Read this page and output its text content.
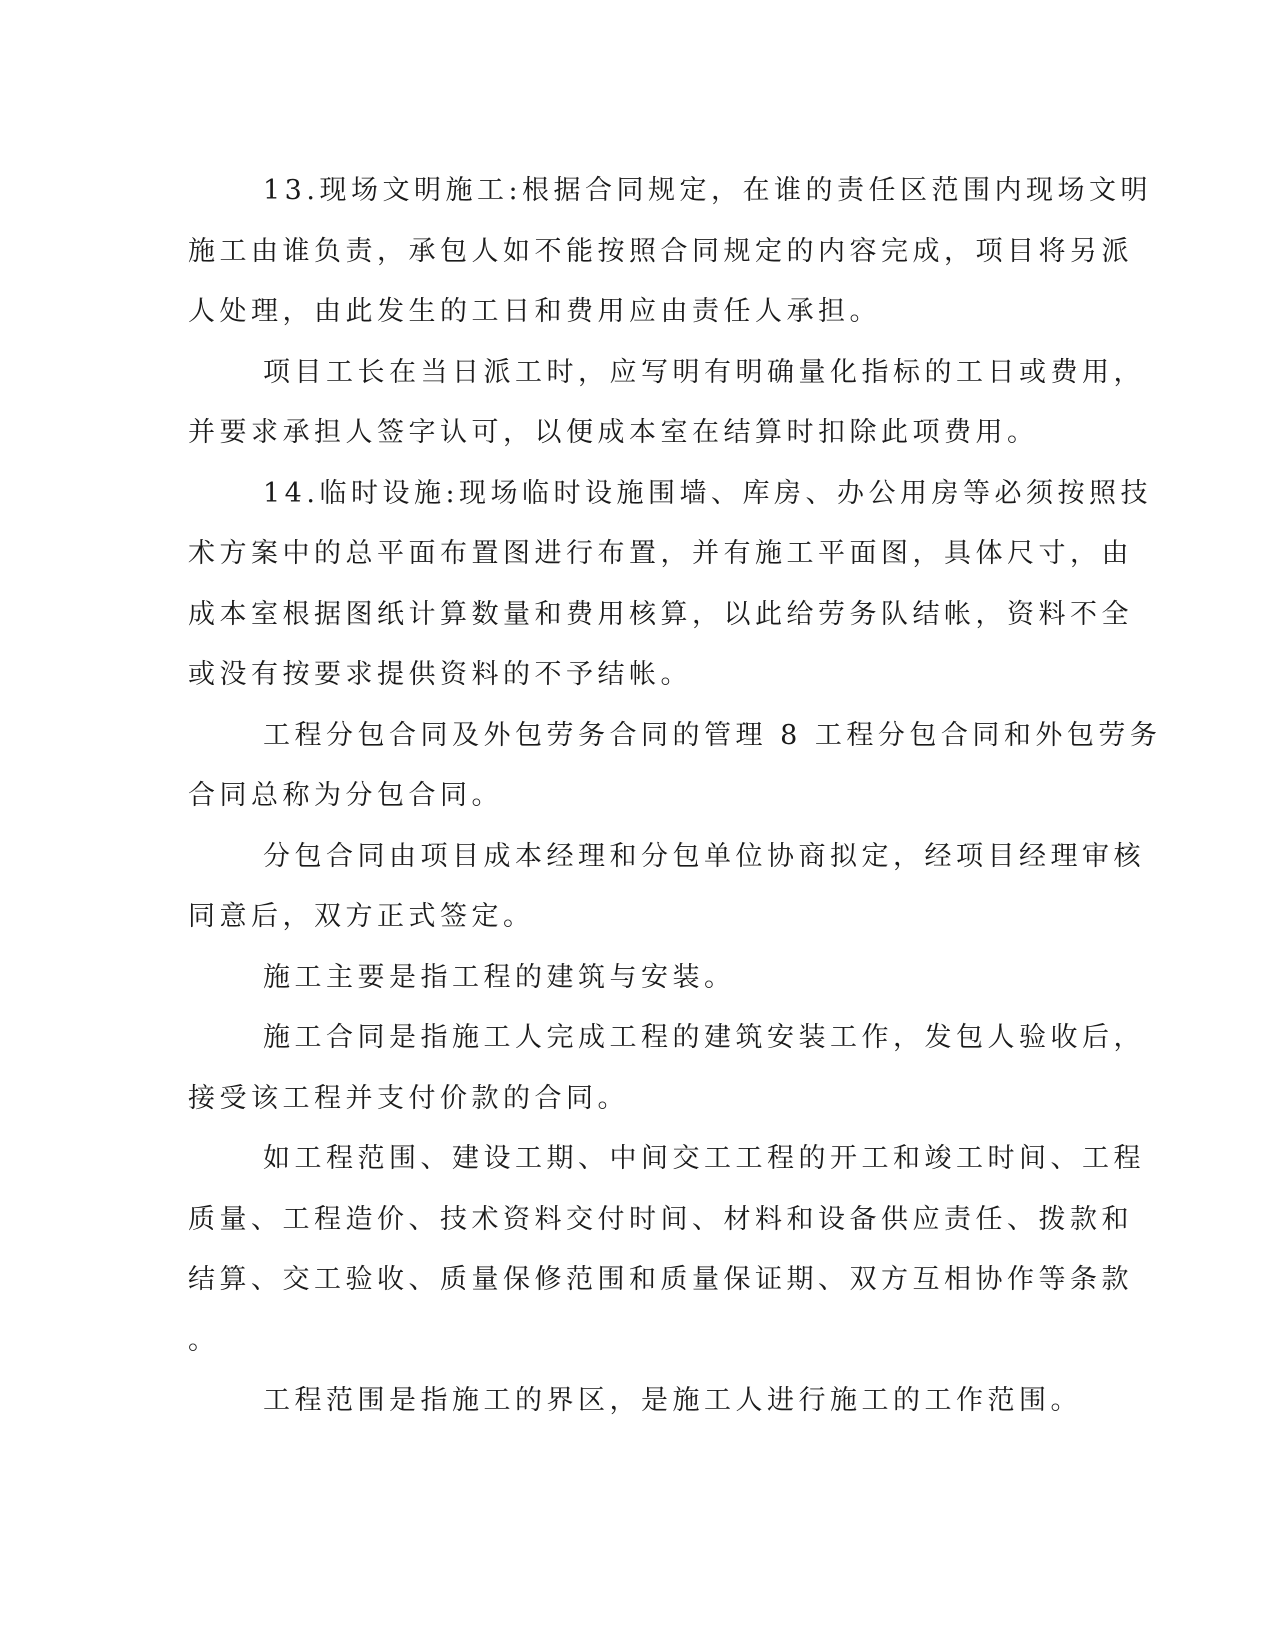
13.现场文明施工:根据合同规定，在谁的责任区范围内现场文明
施工由谁负责，承包人如不能按照合同规定的内容完成，项目将另派
人处理，由此发生的工日和费用应由责任人承担。

项目工长在当日派工时，应写明有明确量化指标的工日或费用，
并要求承担人签字认可，以便成本室在结算时扣除此项费用。

14.临时设施:现场临时设施围墙、库房、办公用房等必须按照技
术方案中的总平面布置图进行布置，并有施工平面图，具体尺寸，由
成本室根据图纸计算数量和费用核算，以此给劳务队结帐，资料不全
或没有按要求提供资料的不予结帐。

工程分包合同及外包劳务合同的管理 8 工程分包合同和外包劳务
合同总称为分包合同。

分包合同由项目成本经理和分包单位协商拟定，经项目经理审核
同意后，双方正式签定。

施工主要是指工程的建筑与安装。

施工合同是指施工人完成工程的建筑安装工作，发包人验收后，
接受该工程并支付价款的合同。

如工程范围、建设工期、中间交工工程的开工和竣工时间、工程
质量、工程造价、技术资料交付时间、材料和设备供应责任、拨款和
结算、交工验收、质量保修范围和质量保证期、双方互相协作等条款
。

工程范围是指施工的界区，是施工人进行施工的工作范围。
